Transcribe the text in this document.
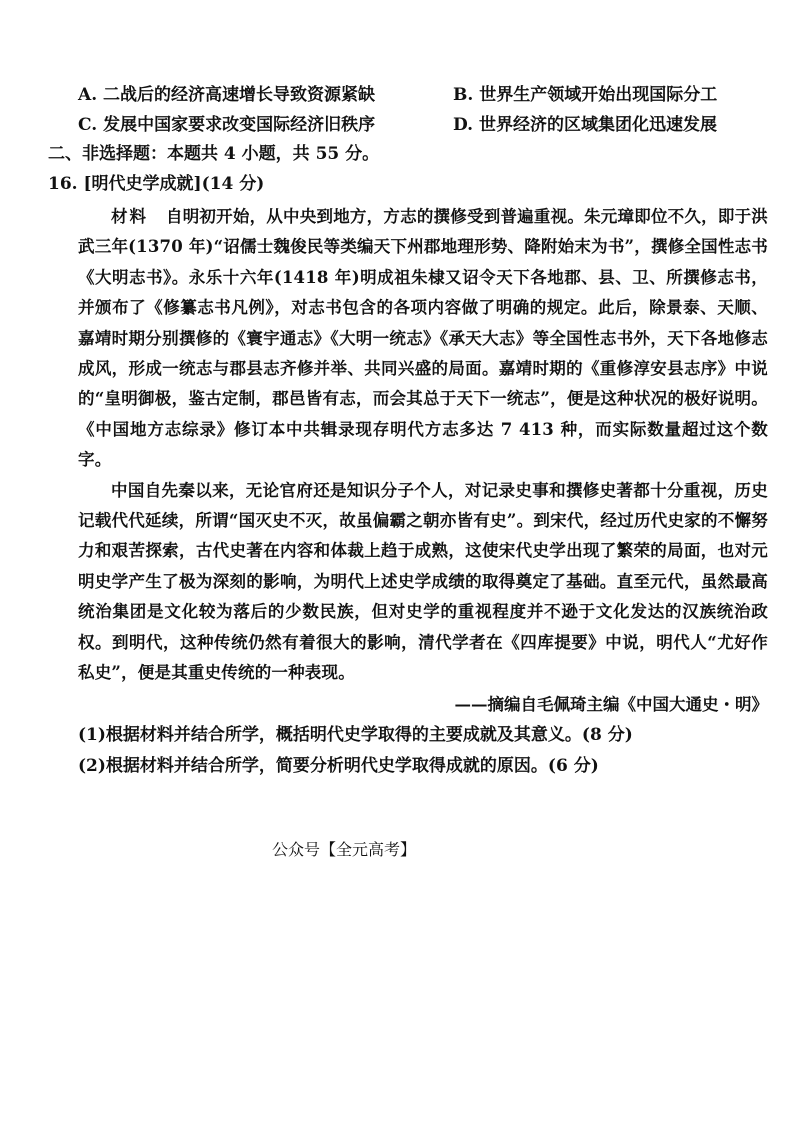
A. 二战后的经济高速增长导致资源紧缺	B. 世界生产领域开始出现国际分工
C. 发展中国家要求改变国际经济旧秩序	D. 世界经济的区域集团化迅速发展
二、非选择题：本题共 4 小题，共 55 分。
16. [明代史学成就](14 分)

材料 自明初开始，从中央到地方，方志的撰修受到普遍重视。朱元璋即位不久，即于洪武三年(1370 年)“诏儒士魏俊民等类编天下州郡地理形势、降附始末为书”，撰修全国性志书《大明志书》。永乐十六年(1418 年)明成祖朱棣又诏令天下各地郡、县、卫、所撰修志书，并颁布了《修纂志书凡例》，对志书包含的各项内容做了明确的规定。此后，除景泰、天顺、嘉靖时期分别撰修的《寰宇通志》《大明一统志》《承天大志》等全国性志书外，天下各地修志成风，形成一统志与郡县志齐修并举、共同兴盛的局面。嘉靖时期的《重修淳安县志序》中说的“皇明御极，鉴古定制，郡邑皆有志，而会其总于天下一统志”，便是这种状况的极好说明。《中国地方志综录》修订本中共辑录现存明代方志多达 7 413 种，而实际数量超过这个数字。

中国自先秦以来，无论官府还是知识分子个人，对记录史事和撰修史著都十分重视，历史记载代代延续，所谓“国灭史不灭，故虽偏霸之朝亦皆有史”。到宋代，经过历代史家的不懈努力和艰苦探索，古代史著在内容和体裁上趋于成熟，这使宋代史学出现了繁荣的局面，也对元明史学产生了极为深刻的影响，为明代上述史学成绩的取得奠定了基础。直至元代，虽然最高统治集团是文化较为落后的少数民族，但对史学的重视程度并不逊于文化发达的汉族统治政权。到明代，这种传统仍然有着很大的影响，清代学者在《四库提要》中说，明代人“尤好作私史”，便是其重史传统的一种表现。

——摘编自毛佩琦主编《中国大通史・明》
(1)根据材料并结合所学，概括明代史学取得的主要成就及其意义。(8 分)
(2)根据材料并结合所学，简要分析明代史学取得成就的原因。(6 分)
公众号【全元高考】
